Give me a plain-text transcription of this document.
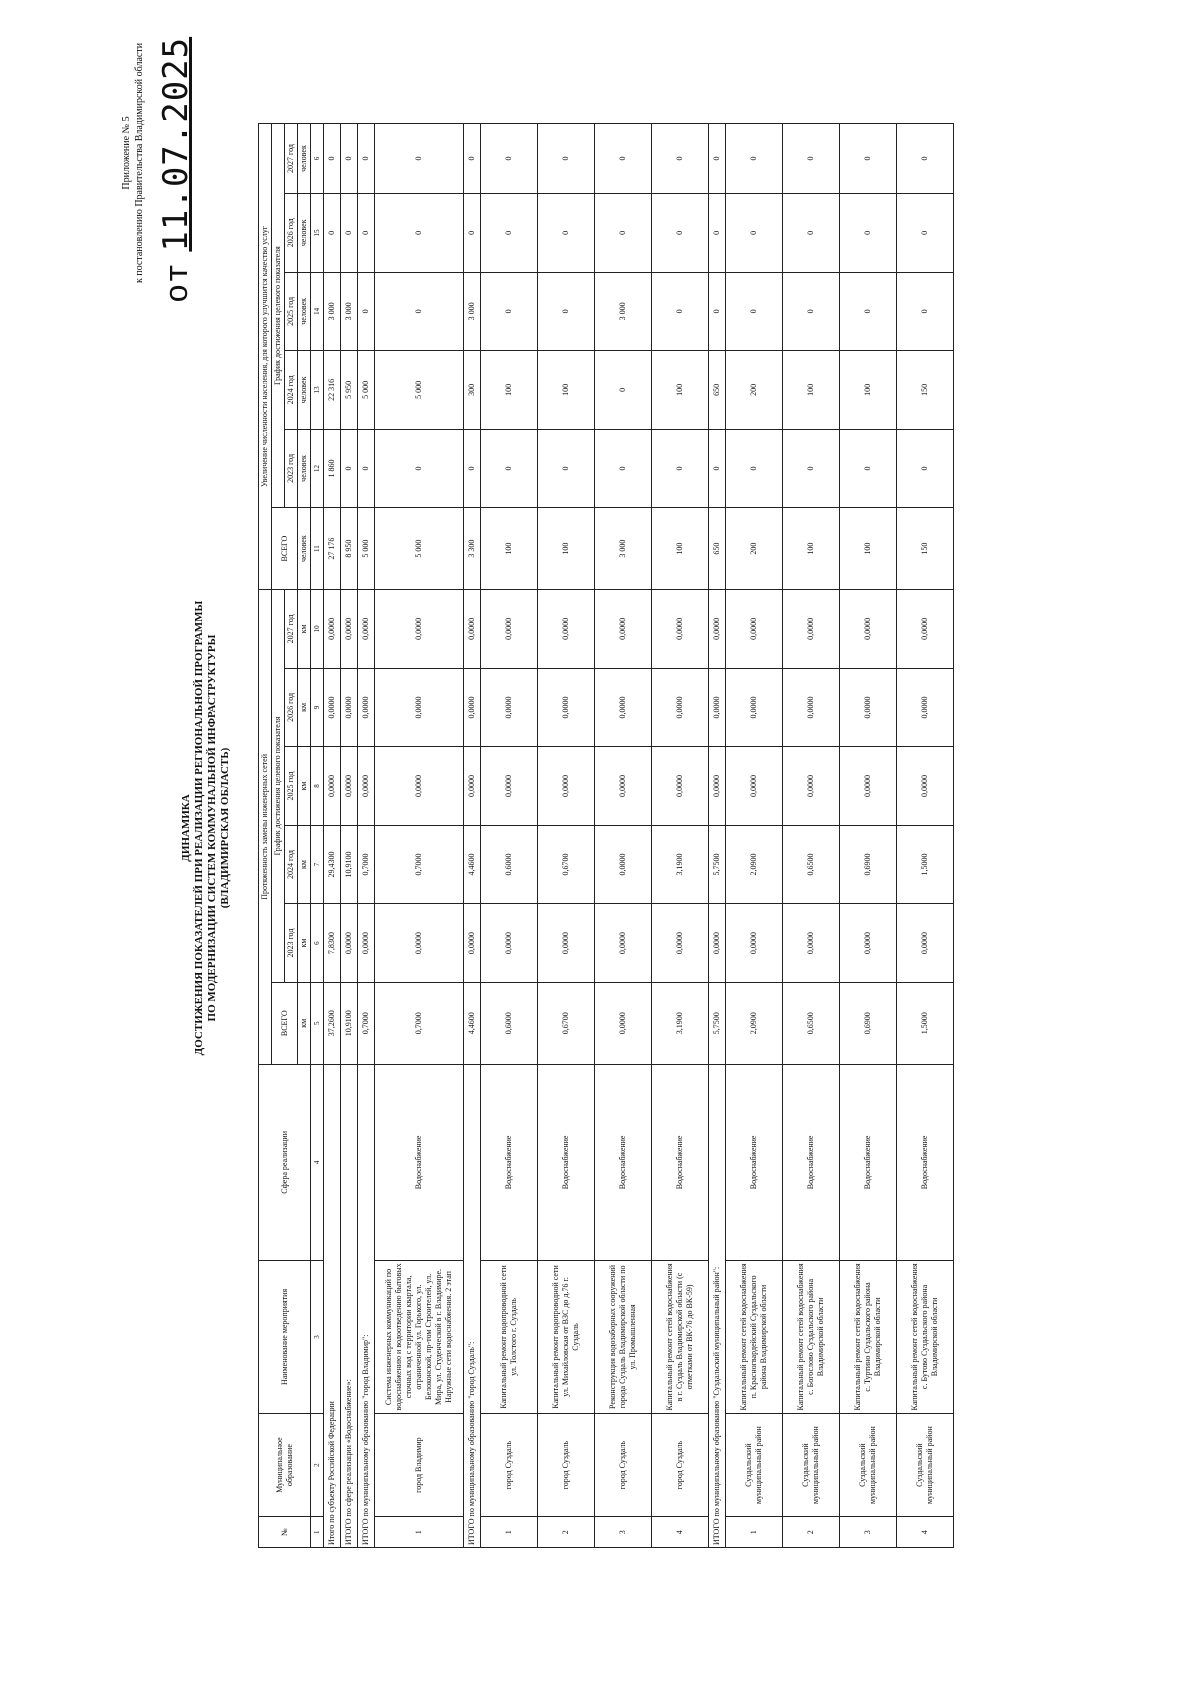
Приложение № 5 к постановлению Правительства Владимирской области от 11.07.2025
ДИНАМИКА ДОСТИЖЕНИЯ ПОКАЗАТЕЛЕЙ ПРИ РЕАЛИЗАЦИИ РЕГИОНАЛЬНОЙ ПРОГРАММЫ ПО МОДЕРНИЗАЦИИ СИСТЕМ КОММУНАЛЬНОЙ ИНФРАСТРУКТУРЫ (ВЛАДИМИРСКАЯ ОБЛАСТЬ)
№	Муниципальное образование	Наименование мероприятия	Сфера реализации	Протяженность замены инженерных сетей						Увеличение численности населения, для которого улучшится качество услуг					
				ВСЕГО	График достижения целевого показателя					ВСЕГО	График достижения целевого показателя				
					2023 год	2024 год	2025 год	2026 год	2027 год		2023 год	2024 год	2025 год	2026 год	2027 год
				км	км	км	км	км	км	человек	человек	человек	человек	человек	человек
1	2	3	4	5	6	7	8	9	10	11	12	13	14	15	6
Итого по субъекту Российской Федерации				37,2600	7,8300	29,4300	0,0000	0,0000	0,0000	27 176	1 860	22 316	3 000	0	0
ИТОГО по сфере реализации «Водоснабжение»:				10,9100	0,0000	10,9100	0,0000	0,0000	0,0000	8 950	0	5 950	3 000	0	0
ИТОГО по муниципальному образованию "город Владимир":				0,7000	0,0000	0,7000	0,0000	0,0000	0,0000	5 000	0	5 000	0	0	0
1	город Владимир	Система инженерных коммуникаций по водоснабжению и водоотведению бытовых сточных вод с территории квартала, ограниченной ул. Горького, ул. Белоконской, пр-том Строителей, ул. Мира, ул. Студенческой в г. Владимире. Наружные сети водоснабжения. 2 этап	Водоснабжение	0,7000	0,0000	0,7000	0,0000	0,0000	0,0000	5 000	0	5 000	0	0	0
ИТОГО по муниципальному образованию "город Суздаль":				4,4600	0,0000	4,4600	0,0000	0,0000	0,0000	3 300	0	300	3 000	0	0
1	город Суздаль	Капитальный ремонт водопроводной сети ул. Толстого г. Суздаль	Водоснабжение	0,6000	0,0000	0,6000	0,0000	0,0000	0,0000	100	0	100	0	0	0
2	город Суздаль	Капитальный ремонт водопроводной сети ул. Михайловская от ВЗС до д.76 г. Суздаль	Водоснабжение	0,6700	0,0000	0,6700	0,0000	0,0000	0,0000	100	0	100	0	0	0
3	город Суздаль	Реконструкция водозаборных сооружений города Суздаль Владимирской области по ул. Промышленная	Водоснабжение	0,0000	0,0000	0,0000	0,0000	0,0000	0,0000	3 000	0	0	3 000	0	0
4	город Суздаль	Капитальный ремонт сетей водоснабжения в г. Суздаль Владимирской области (с отметками от ВК-76 до ВК-59)	Водоснабжение	3,1900	0,0000	3,1900	0,0000	0,0000	0,0000	100	0	100	0	0	0
ИТОГО по муниципальному образованию "Суздальский муниципальный район":				5,7500	0,0000	5,7500	0,0000	0,0000	0,0000	650	0	650	0	0	0
1	Суздальский муниципальный район	Капитальный ремонт сетей водоснабжения п. Красногвардейский Суздальского района Владимирской области	Водоснабжение	2,0900	0,0000	2,0900	0,0000	0,0000	0,0000	200	0	200	0	0	0
2	Суздальский муниципальный район	Капитальный ремонт сетей водоснабжения с. Богослово Суздальского района Владимирской области	Водоснабжение	0,6500	0,0000	0,6500	0,0000	0,0000	0,0000	100	0	100	0	0	0
3	Суздальский муниципальный район	Капитальный ремонт сетей водоснабжения с. Туртино Суздальского района Владимирской области	Водоснабжение	0,6900	0,0000	0,6900	0,0000	0,0000	0,0000	100	0	100	0	0	0
4	Суздальский муниципальный район	Капитальный ремонт сетей водоснабжения с. Бутово Суздальского района Владимирской области	Водоснабжение	1,5000	0,0000	1,5000	0,0000	0,0000	0,0000	150	0	150	0	0	0
